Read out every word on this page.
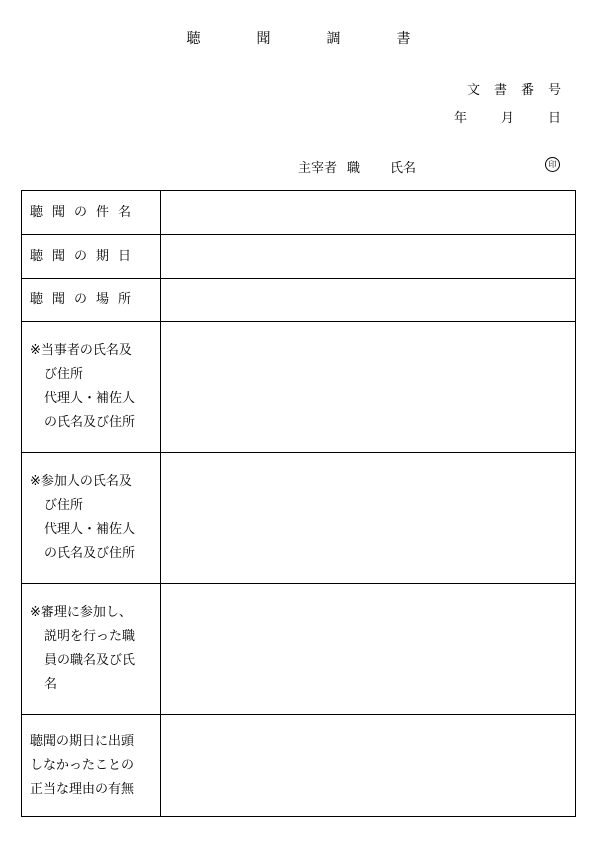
聴	聞	調	書
文 書 番 号
年	月	日
主宰者 職 氏名	印
聴聞の件名	
聴聞の期日	
聴聞の場所	

※当事者の氏名及
び住所
代理人・補佐人
の氏名及び住所	

※参加人の氏名及
び住所
代理人・補佐人
の氏名及び住所	

※審理に参加し、
説明を行った職
員の職名及び氏
名	

聴聞の期日に出頭
しなかったことの
正当な理由の有無	
